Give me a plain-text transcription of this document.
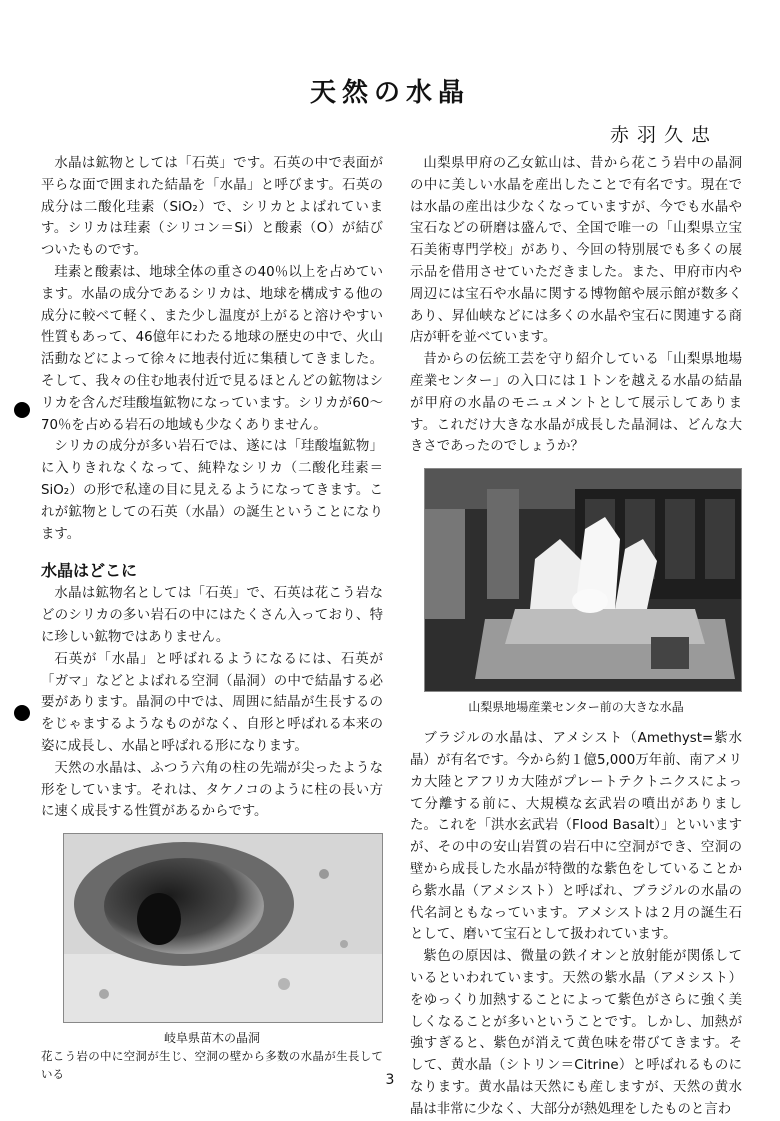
天然の水晶
赤羽久忠

水晶は鉱物としては「石英」です。石英の中で表面が平らな面で囲まれた結晶を「水晶」と呼びます。石英の成分は二酸化珪素（SiO₂）で、シリカとよばれています。シリカは珪素（シリコン＝Si）と酸素（O）が結びついたものです。

珪素と酸素は、地球全体の重さの40％以上を占めています。水晶の成分であるシリカは、地球を構成する他の成分に較べて軽く、また少し温度が上がると溶けやすい性質もあって、46億年にわたる地球の歴史の中で、火山活動などによって徐々に地表付近に集積してきました。そして、我々の住む地表付近で見るほとんどの鉱物はシリカを含んだ珪酸塩鉱物になっています。シリカが60〜70％を占める岩石の地域も少なくありません。

シリカの成分が多い岩石では、遂には「珪酸塩鉱物」に入りきれなくなって、純粋なシリカ（二酸化珪素＝SiO₂）の形で私達の目に見えるようになってきます。これが鉱物としての石英（水晶）の誕生ということになります。

水晶はどこに

水晶は鉱物名としては「石英」で、石英は花こう岩などのシリカの多い岩石の中にはたくさん入っており、特に珍しい鉱物ではありません。

石英が「水晶」と呼ばれるようになるには、石英が「ガマ」などとよばれる空洞（晶洞）の中で結晶する必要があります。晶洞の中では、周囲に結晶が生長するのをじゃまするようなものがなく、自形と呼ばれる本来の姿に成長し、水晶と呼ばれる形になります。

天然の水晶は、ふつう六角の柱の先端が尖ったような形をしています。それは、タケノコのように柱の長い方に速く成長する性質があるからです。

岐阜県苗木の晶洞

花こう岩の中に空洞が生じ、空洞の壁から多数の水晶が生長している

山梨県甲府の乙女鉱山は、昔から花こう岩中の晶洞の中に美しい水晶を産出したことで有名です。現在では水晶の産出は少なくなっていますが、今でも水晶や宝石などの研磨は盛んで、全国で唯一の「山梨県立宝石美術専門学校」があり、今回の特別展でも多くの展示品を借用させていただきました。また、甲府市内や周辺には宝石や水晶に関する博物館や展示館が数多くあり、昇仙峡などには多くの水晶や宝石に関連する商店が軒を並べています。

昔からの伝統工芸を守り紹介している「山梨県地場産業センター」の入口には１トンを越える水晶の結晶が甲府の水晶のモニュメントとして展示してあります。これだけ大きな水晶が成長した晶洞は、どんな大きさであったのでしょうか？

山梨県地場産業センター前の大きな水晶

ブラジルの水晶は、アメシスト（Amethyst=紫水晶）が有名です。今から約１億5,000万年前、南アメリカ大陸とアフリカ大陸がプレートテクトニクスによって分離する前に、大規模な玄武岩の噴出がありました。これを「洪水玄武岩（Flood Basalt）」といいますが、その中の安山岩質の岩石中に空洞ができ、空洞の壁から成長した水晶が特徴的な紫色をしていることから紫水晶（アメシスト）と呼ばれ、ブラジルの水晶の代名詞ともなっています。アメシストは２月の誕生石として、磨いて宝石として扱われています。

紫色の原因は、微量の鉄イオンと放射能が関係しているといわれています。天然の紫水晶（アメシスト）をゆっくり加熱することによって紫色がさらに強く美しくなることが多いということです。しかし、加熱が強すぎると、紫色が消えて黄色味を帯びてきます。そして、黄水晶（シトリン＝Citrine）と呼ばれるものになります。黄水晶は天然にも産しますが、天然の黄水晶は非常に少なく、大部分が熱処理をしたものと言わ

3
